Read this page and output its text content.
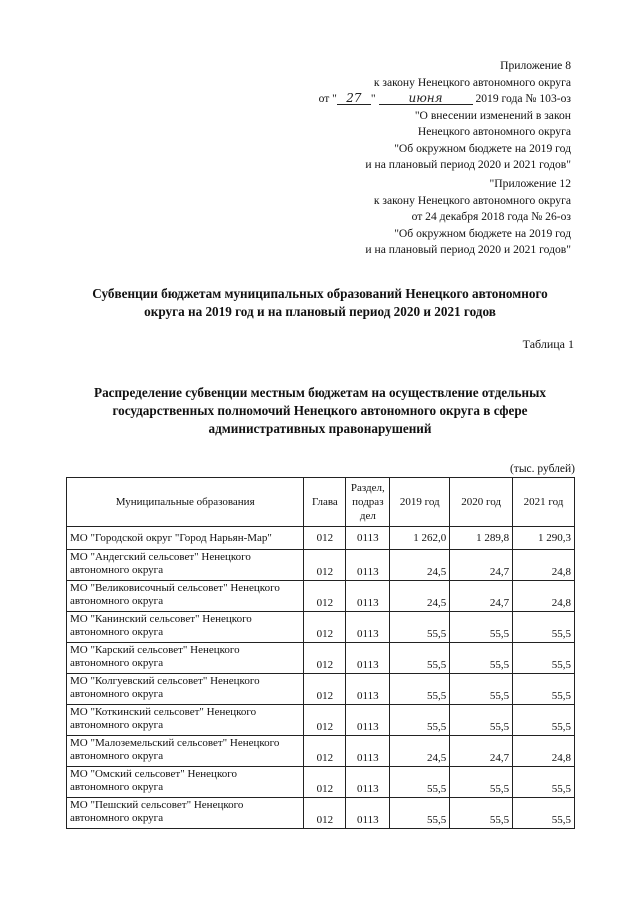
Приложение 8
к закону Ненецкого автономного округа
от " 27 "	июня	2019 года № 103-оз
"О внесении изменений в закон
Ненецкого автономного округа
"Об окружном бюджете на 2019 год
и на плановый период 2020 и 2021 годов"
"Приложение 12
к закону Ненецкого автономного округа
от 24 декабря 2018 года № 26-оз
"Об окружном бюджете на 2019 год
и на плановый период 2020 и 2021 годов"
Субвенции бюджетам муниципальных образований Ненецкого автономного
округа на 2019 год и на плановый период 2020 и 2021 годов
Таблица 1
Распределение субвенции местным бюджетам на осуществление отдельных
государственных полномочий Ненецкого автономного округа в сфере
административных правонарушений
(тыс. рублей)
Муниципальные образования	Глава	Раздел,
подраз
дел	2019 год	2020 год	2021 год
МО "Городской округ "Город Нарьян-Мар"	012	0113	1 262,0	1 289,8	1 290,3
МО "Андегский сельсовет" Ненецкого
автономного округа	012	0113	24,5	24,7	24,8
МО "Великовисочный сельсовет" Ненецкого
автономного округа	012	0113	24,5	24,7	24,8
МО "Канинский сельсовет" Ненецкого
автономного округа	012	0113	55,5	55,5	55,5
МО "Карский сельсовет" Ненецкого
автономного округа	012	0113	55,5	55,5	55,5
МО "Колгуевский сельсовет" Ненецкого
автономного округа	012	0113	55,5	55,5	55,5
МО "Коткинский сельсовет" Ненецкого
автономного округа	012	0113	55,5	55,5	55,5
МО "Малоземельский сельсовет" Ненецкого
автономного округа	012	0113	24,5	24,7	24,8
МО "Омский сельсовет" Ненецкого
автономного округа	012	0113	55,5	55,5	55,5
МО "Пешский сельсовет" Ненецкого
автономного округа	012	0113	55,5	55,5	55,5
